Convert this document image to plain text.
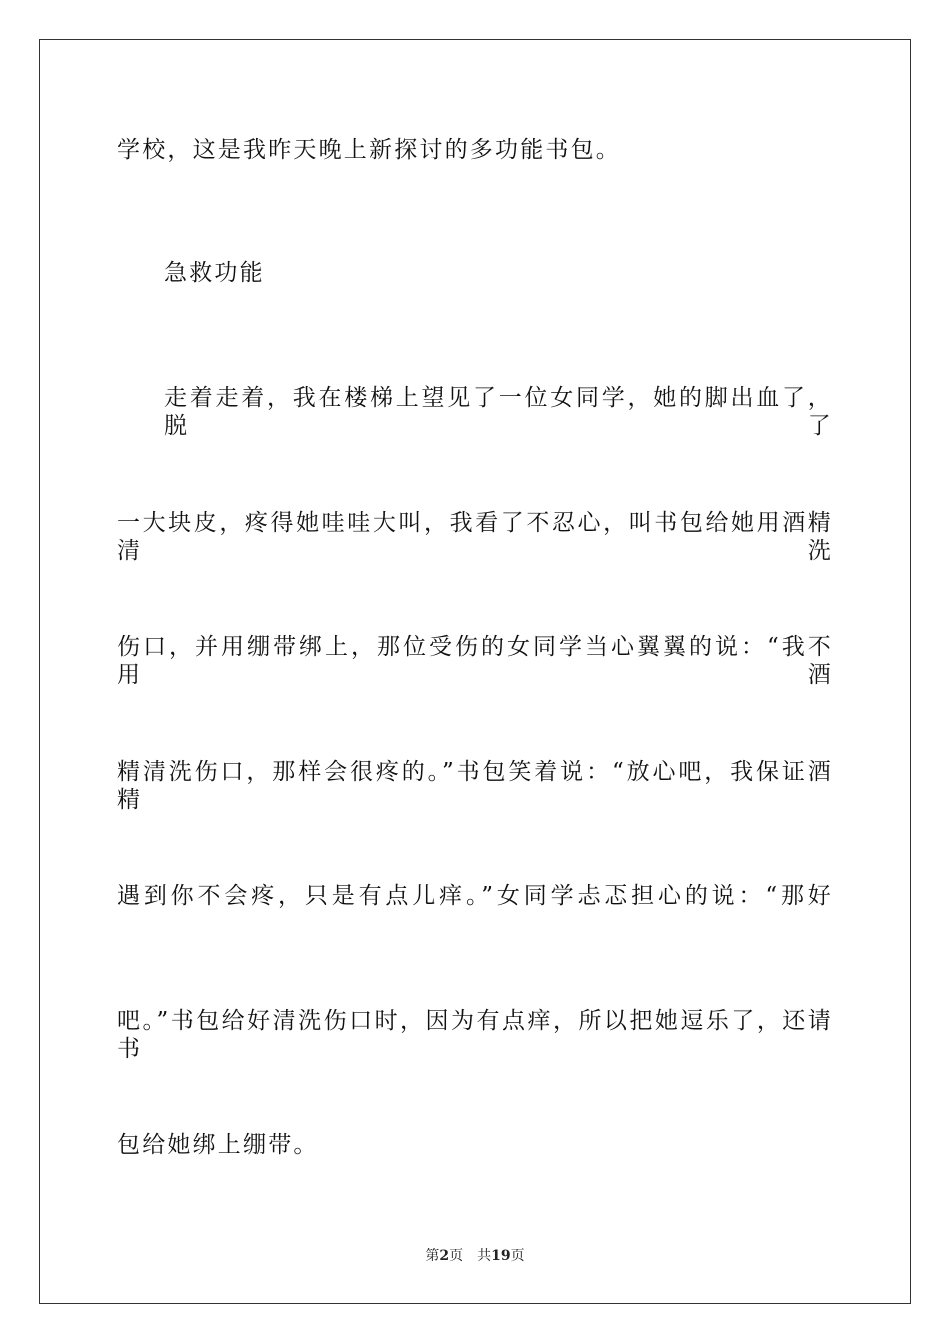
学校，这是我昨天晚上新探讨的多功能书包。
急救功能
走着走着，我在楼梯上望见了一位女同学，她的脚出血了，脱了
一大块皮，疼得她哇哇大叫，我看了不忍心，叫书包给她用酒精清洗
伤口，并用绷带绑上，那位受伤的女同学当心翼翼的说：“我不用酒
精清洗伤口，那样会很疼的。”书包笑着说：“放心吧，我保证酒精
遇到你不会疼，只是有点儿痒。”女同学忐忑担心的说：“那好
吧。”书包给好清洗伤口时，因为有点痒，所以把她逗乐了，还请书
包给她绑上绷带。
第2页 共19页
